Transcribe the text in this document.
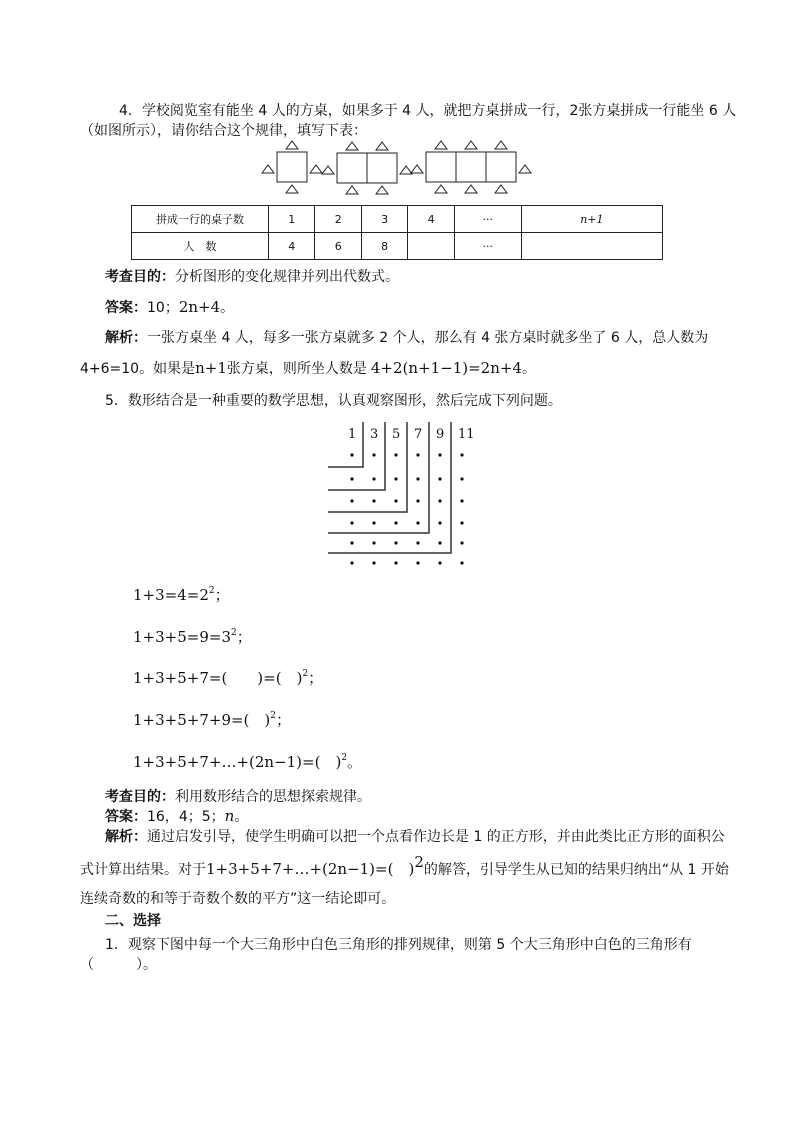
4．学校阅览室有能坐 4 人的方桌，如果多于 4 人，就把方桌拼成一行，2张方桌拼成一行能坐 6 人
（如图所示），请你结合这个规律，填写下表：
拼成一行的桌子数	1	2	3	4	···	n+1
人　数	4	6	8		···	
考查目的：分析图形的变化规律并列出代数式。
答案：10；2n+4。
解析：一张方桌坐 4 人，每多一张方桌就多 2 个人，那么有 4 张方桌时就多坐了 6 人，总人数为
4+6=10。如果是n+1张方桌，则所坐人数是 4+2(n+1−1)=2n+4。
5．数形结合是一种重要的数学思想，认真观察图形，然后完成下列问题。
1 3 5 7 9 11
$1+3=4=2^2$；
$1+3+5=9=3^2$；
1+3+5+7=(　　)=(　)$^2$；
1+3+5+7+9=(　)$^2$；
1+3+5+7+…+(2n−1)=(　)$^2$。
考查目的：利用数形结合的思想探索规律。
答案：16，4；5；n。
解析：通过启发引导，使学生明确可以把一个点看作边长是 1 的正方形，并由此类比正方形的面积公
式计算出结果。对于1+3+5+7+…+(2n−1)=(　)$^2$的解答，引导学生从已知的结果归纳出“从 1 开始
连续奇数的和等于奇数个数的平方”这一结论即可。
二、选择
1．观察下图中每一个大三角形中白色三角形的排列规律，则第 5 个大三角形中白色的三角形有
（　　　）。
